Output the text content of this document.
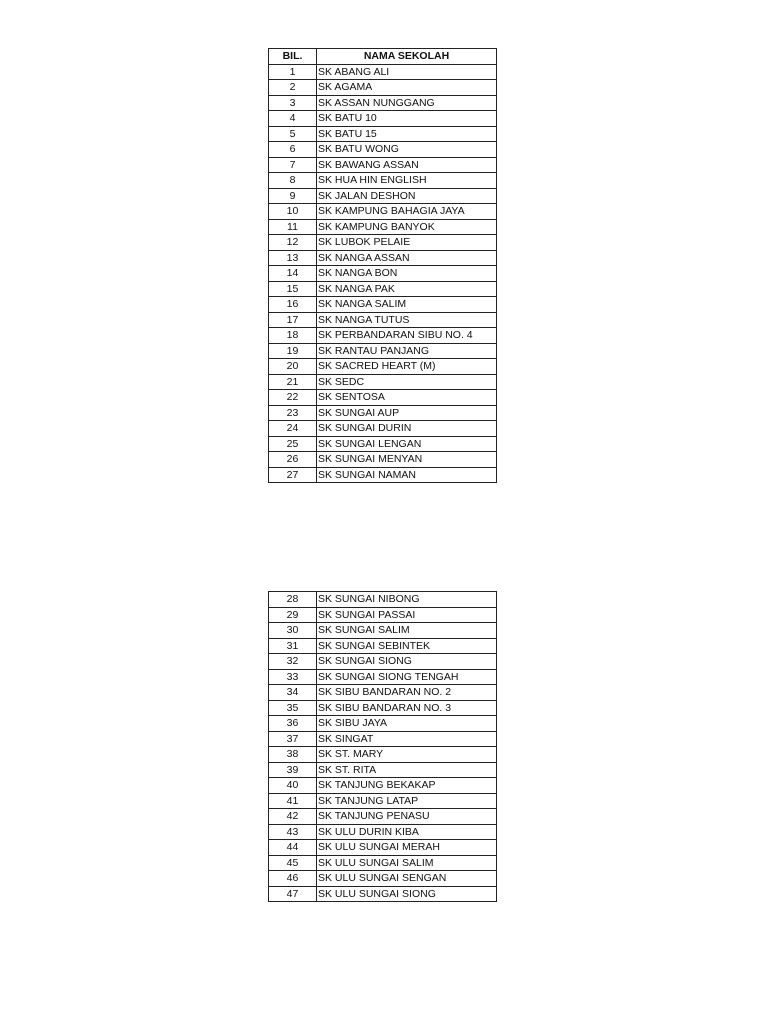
BIL.	NAMA SEKOLAH
1	SK ABANG ALI
2	SK AGAMA
3	SK ASSAN NUNGGANG
4	SK BATU 10
5	SK BATU 15
6	SK BATU WONG
7	SK BAWANG ASSAN
8	SK HUA HIN ENGLISH
9	SK JALAN DESHON
10	SK KAMPUNG BAHAGIA JAYA
11	SK KAMPUNG BANYOK
12	SK LUBOK PELAIE
13	SK NANGA ASSAN
14	SK NANGA BON
15	SK NANGA PAK
16	SK NANGA SALIM
17	SK NANGA TUTUS
18	SK PERBANDARAN SIBU NO. 4
19	SK RANTAU PANJANG
20	SK SACRED HEART (M)
21	SK SEDC
22	SK SENTOSA
23	SK SUNGAI AUP
24	SK SUNGAI DURIN
25	SK SUNGAI LENGAN
26	SK SUNGAI MENYAN
27	SK SUNGAI NAMAN
28	SK SUNGAI NIBONG
29	SK SUNGAI PASSAI
30	SK SUNGAI SALIM
31	SK SUNGAI SEBINTEK
32	SK SUNGAI SIONG
33	SK SUNGAI SIONG TENGAH
34	SK SIBU BANDARAN NO. 2
35	SK SIBU BANDARAN NO. 3
36	SK SIBU JAYA
37	SK SINGAT
38	SK ST. MARY
39	SK ST. RITA
40	SK TANJUNG BEKAKAP
41	SK TANJUNG LATAP
42	SK TANJUNG PENASU
43	SK ULU DURIN KIBA
44	SK ULU SUNGAI MERAH
45	SK ULU SUNGAI SALIM
46	SK ULU SUNGAI SENGAN
47	SK ULU SUNGAI SIONG
